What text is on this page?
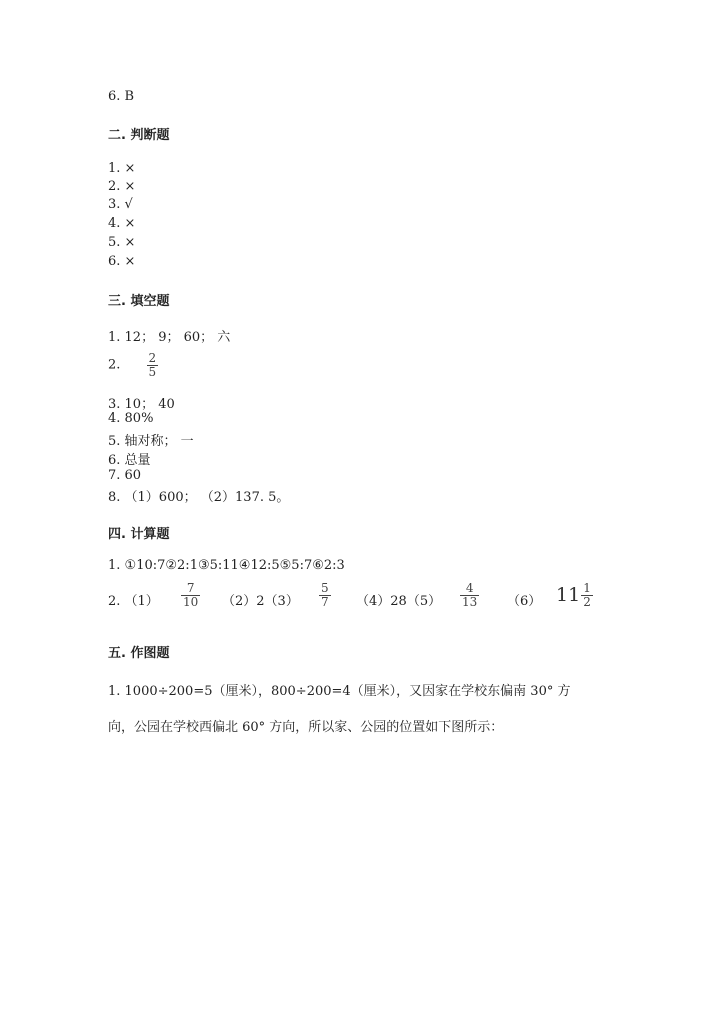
6. B
二. 判断题
1. ×
2. ×
3. √
4. ×
5. ×
6. ×
三. 填空题
1. 12； 9； 60； 六
2. $\frac{2}{5}$
3. 10； 40
4. 80%
5. 轴对称； 一
6. 总量
7. 60
8. （1）600； （2）137. 5。
四. 计算题
1. ①10:7②2:1③5:11④12:5⑤5:7⑥2:3
2. $(1) \frac{7}{10} (2)2(3) \frac{5}{7} (4)28(5) \frac{4}{13} (6)$ $11 \frac{1}{2}$
五. 作图题
1. 1000÷200=5（厘米），800÷200=4（厘米），又因家在学校东偏南 30° 方
向，公园在学校西偏北 60° 方向，所以家、公园的位置如下图所示：
